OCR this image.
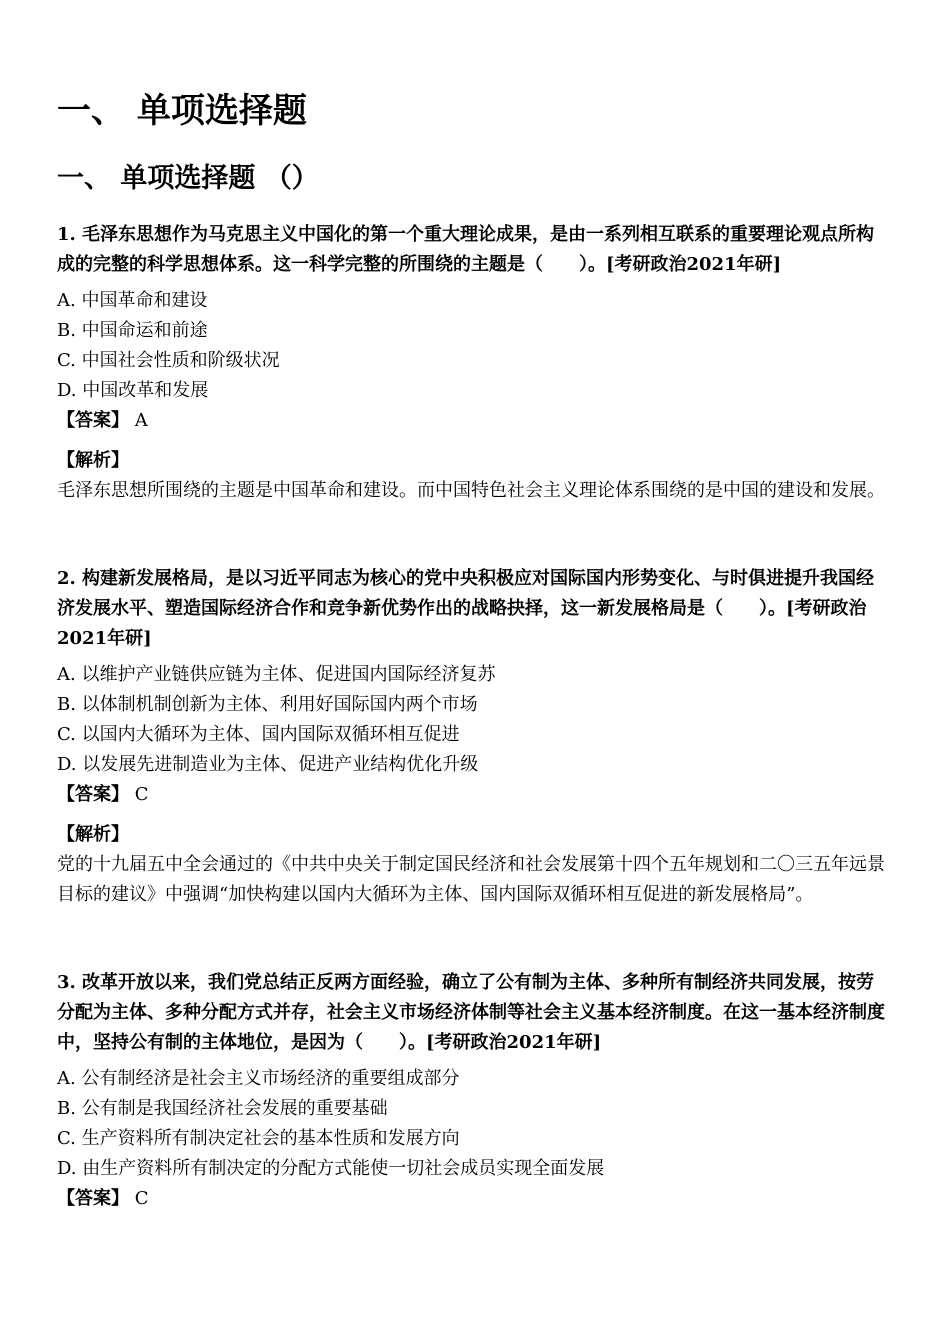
一、 单项选择题
一、 单项选择题 （）

1. 毛泽东思想作为马克思主义中国化的第一个重大理论成果，是由一系列相互联系的重要理论观点所构成的完整的科学思想体系。这一科学完整的所围绕的主题是（　　）。[考研政治2021年研]

A. 中国革命和建设

B. 中国命运和前途

C. 中国社会性质和阶级状况

D. 中国改革和发展

【答案】 A

【解析】

毛泽东思想所围绕的主题是中国革命和建设。而中国特色社会主义理论体系围绕的是中国的建设和发展。

2. 构建新发展格局，是以习近平同志为核心的党中央积极应对国际国内形势变化、与时俱进提升我国经济发展水平、塑造国际经济合作和竞争新优势作出的战略抉择，这一新发展格局是（　　）。[考研政治2021年研]

A. 以维护产业链供应链为主体、促进国内国际经济复苏

B. 以体制机制创新为主体、利用好国际国内两个市场

C. 以国内大循环为主体、国内国际双循环相互促进

D. 以发展先进制造业为主体、促进产业结构优化升级

【答案】 C

【解析】

党的十九届五中全会通过的《中共中央关于制定国民经济和社会发展第十四个五年规划和二〇三五年远景目标的建议》中强调“加快构建以国内大循环为主体、国内国际双循环相互促进的新发展格局”。

3. 改革开放以来，我们党总结正反两方面经验，确立了公有制为主体、多种所有制经济共同发展，按劳分配为主体、多种分配方式并存，社会主义市场经济体制等社会主义基本经济制度。在这一基本经济制度中，坚持公有制的主体地位，是因为（　　）。[考研政治2021年研]

A. 公有制经济是社会主义市场经济的重要组成部分

B. 公有制是我国经济社会发展的重要基础

C. 生产资料所有制决定社会的基本性质和发展方向

D. 由生产资料所有制决定的分配方式能使一切社会成员实现全面发展

【答案】 C
